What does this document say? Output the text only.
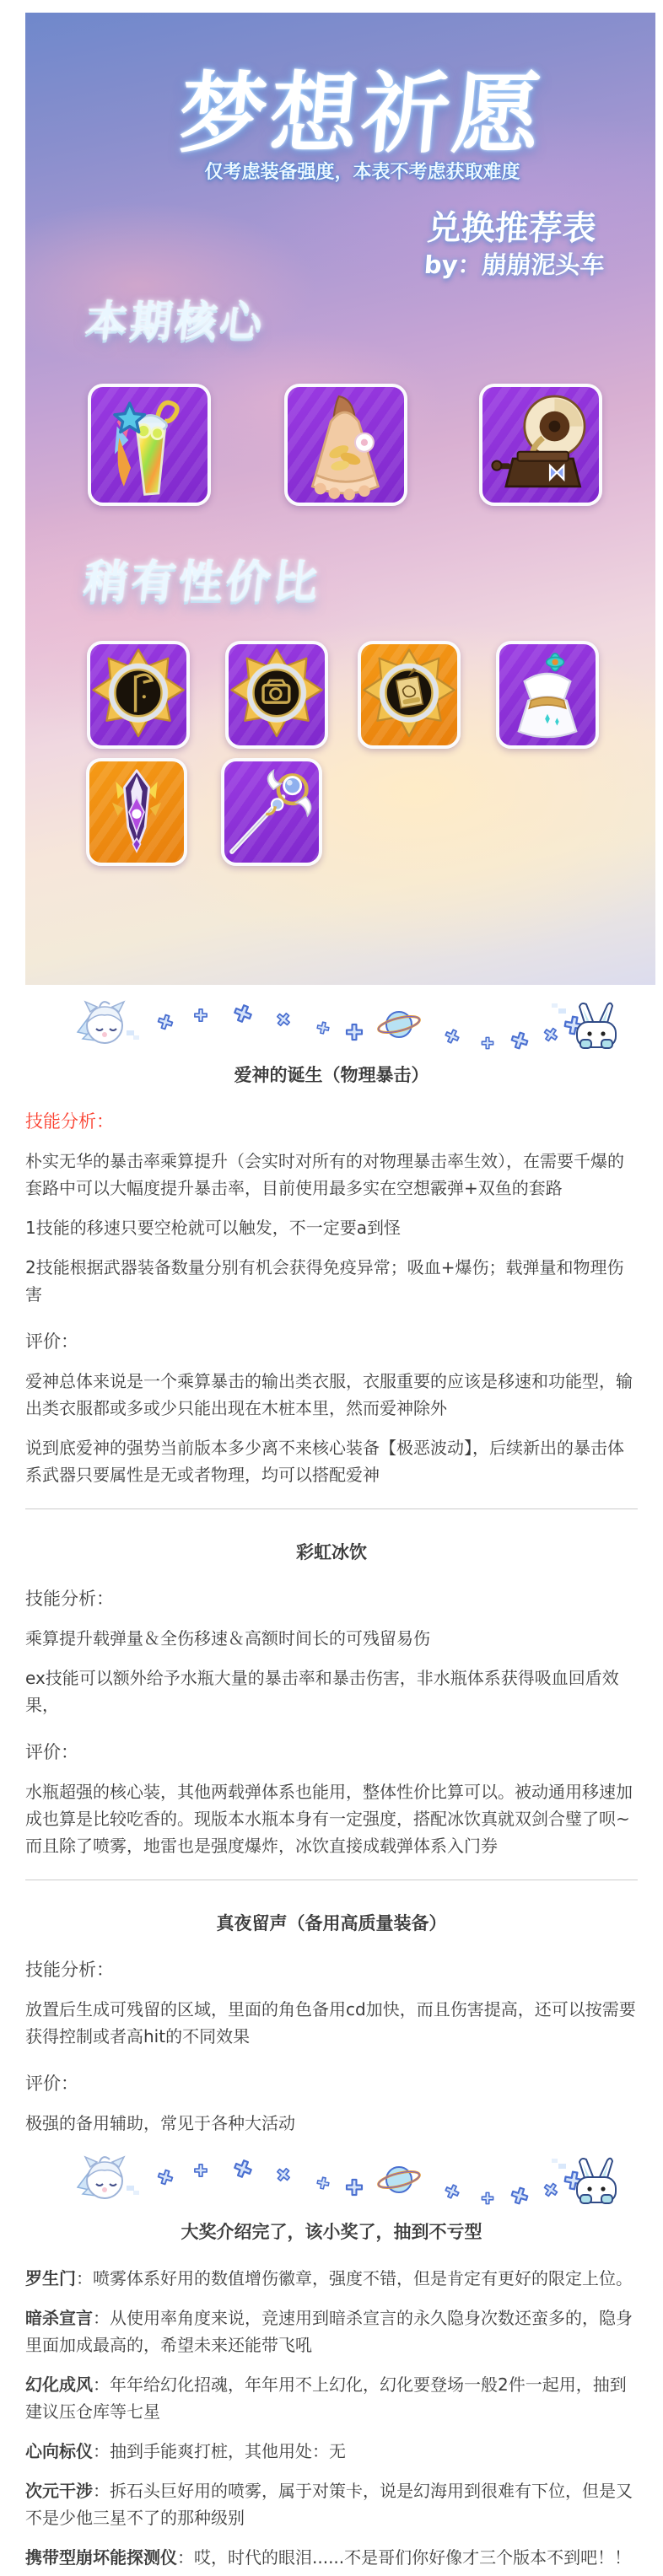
梦想祈愿
仅考虑装备强度，本表不考虑获取难度
兑换推荐表
by：崩崩泥头车
本期核心
稍有性价比
爱神的诞生（物理暴击）
技能分析：

朴实无华的暴击率乘算提升（会实时对所有的对物理暴击率生效），在需要千爆的套路中可以大幅度提升暴击率，目前使用最多实在空想霰弹+双鱼的套路

1技能的移速只要空枪就可以触发，不一定要a到怪

2技能根据武器装备数量分别有机会获得免疫异常；吸血+爆伤；载弹量和物理伤害

评价：

爱神总体来说是一个乘算暴击的输出类衣服，衣服重要的应该是移速和功能型，输出类衣服都或多或少只能出现在木桩本里，然而爱神除外

说到底爱神的强势当前版本多少离不来核心装备【极恶波动】，后续新出的暴击体系武器只要属性是无或者物理，均可以搭配爱神

彩虹冰饮
技能分析：

乘算提升载弹量＆全伤移速＆高额时间长的可残留易伤

ex技能可以额外给予水瓶大量的暴击率和暴击伤害，非水瓶体系获得吸血回盾效果，

评价：

水瓶超强的核心装，其他两载弹体系也能用，整体性价比算可以。被动通用移速加成也算是比较吃香的。现版本水瓶本身有一定强度，搭配冰饮真就双剑合璧了呗~而且除了喷雾，地雷也是强度爆炸，冰饮直接成载弹体系入门券

真夜留声（备用高质量装备）
技能分析：

放置后生成可残留的区域，里面的角色备用cd加快，而且伤害提高，还可以按需要获得控制或者高hit的不同效果

评价：

极强的备用辅助，常见于各种大活动

大奖介绍完了，该小奖了，抽到不亏型

罗生门：喷雾体系好用的数值增伤徽章，强度不错，但是肯定有更好的限定上位。

暗杀宣言：从使用率角度来说，竞速用到暗杀宣言的永久隐身次数还蛮多的，隐身里面加成最高的，希望未来还能带飞吼

幻化成风：年年给幻化招魂，年年用不上幻化，幻化要登场一般2件一起用，抽到建议压仓库等七星

心向标仪：抽到手能爽打桩，其他用处：无

次元干涉：拆石头巨好用的喷雾，属于对策卡，说是幻海用到很难有下位，但是又不是少他三星不了的那种级别

携带型崩坏能探测仪：哎，时代的眼泪......不是哥们你好像才三个版本不到吧！！
